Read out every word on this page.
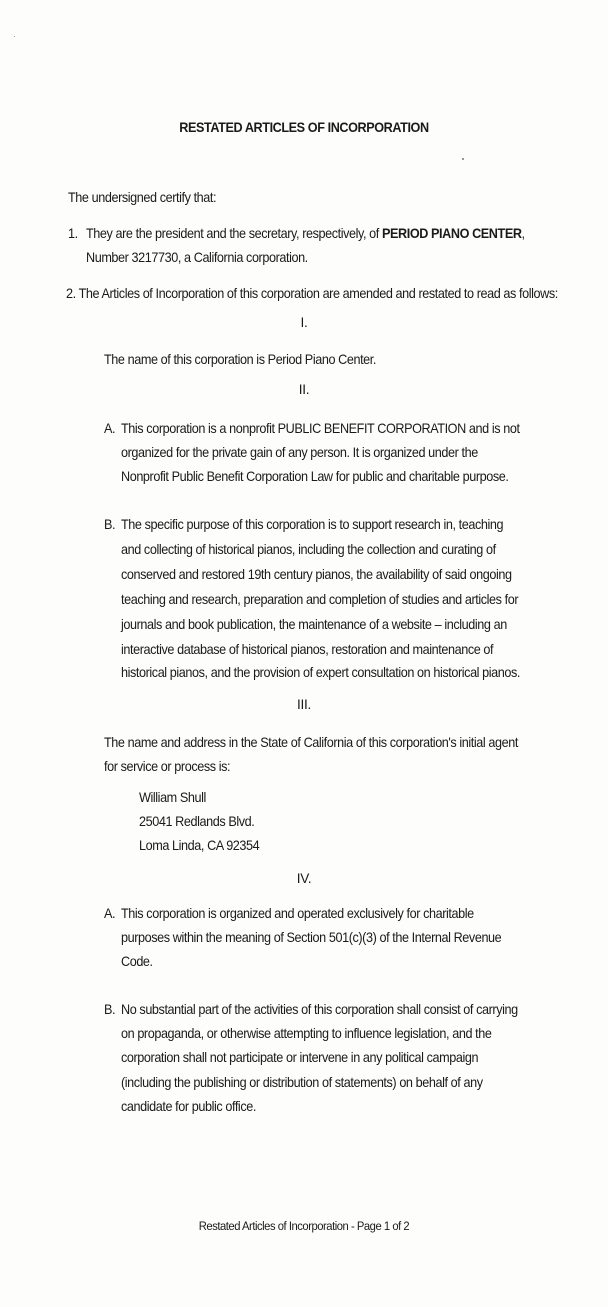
RESTATED ARTICLES OF INCORPORATION
The undersigned certify that:
1. They are the president and the secretary, respectively, of PERIOD PIANO CENTER,
Number 3217730, a California corporation.
2. The Articles of Incorporation of this corporation are amended and restated to read as follows:
I.
The name of this corporation is Period Piano Center.
II.
A. This corporation is a nonprofit PUBLIC BENEFIT CORPORATION and is not
organized for the private gain of any person. It is organized under the
Nonprofit Public Benefit Corporation Law for public and charitable purpose.
B. The specific purpose of this corporation is to support research in, teaching
and collecting of historical pianos, including the collection and curating of
conserved and restored 19th century pianos, the availability of said ongoing
teaching and research, preparation and completion of studies and articles for
journals and book publication, the maintenance of a website – including an
interactive database of historical pianos, restoration and maintenance of
historical pianos, and the provision of expert consultation on historical pianos.
III.
The name and address in the State of California of this corporation's initial agent
for service or process is:
William Shull
25041 Redlands Blvd.
Loma Linda, CA 92354
IV.
A. This corporation is organized and operated exclusively for charitable
purposes within the meaning of Section 501(c)(3) of the Internal Revenue
Code.
B. No substantial part of the activities of this corporation shall consist of carrying
on propaganda, or otherwise attempting to influence legislation, and the
corporation shall not participate or intervene in any political campaign
(including the publishing or distribution of statements) on behalf of any
candidate for public office.
Restated Articles of Incorporation - Page 1 of 2
